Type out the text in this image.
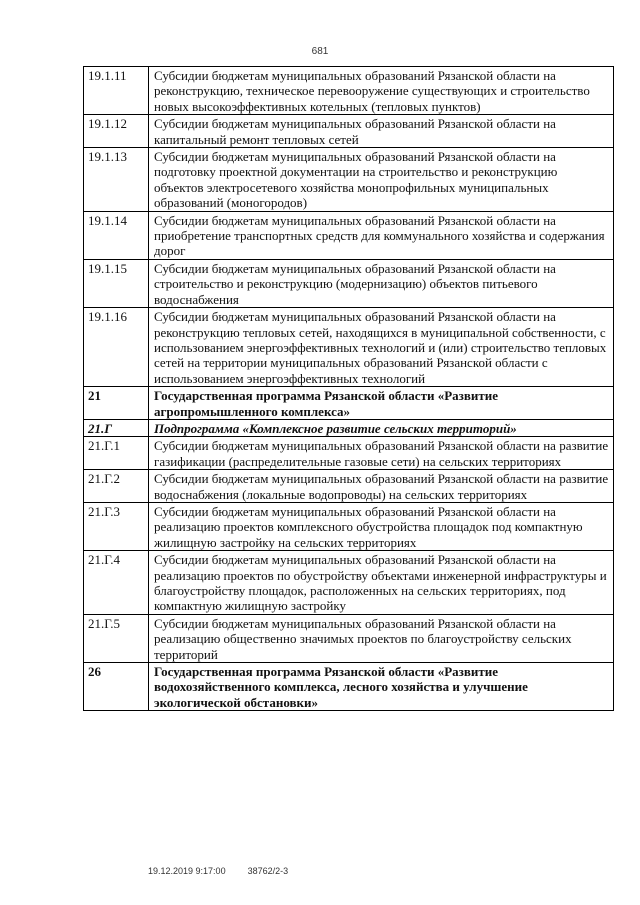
681
19.1.11	Субсидии бюджетам муниципальных образований Рязанской области на реконструкцию, техническое перевооружение существующих и строительство новых высокоэффективных котельных (тепловых пунктов)
19.1.12	Субсидии бюджетам муниципальных образований Рязанской области на капитальный ремонт тепловых сетей
19.1.13	Субсидии бюджетам муниципальных образований Рязанской области на подготовку проектной документации на строительство и реконструкцию объектов электросетевого хозяйства монопрофильных муниципальных образований (моногородов)
19.1.14	Субсидии бюджетам муниципальных образований Рязанской области на приобретение транспортных средств для коммунального хозяйства и содержания дорог
19.1.15	Субсидии бюджетам муниципальных образований Рязанской области на строительство и реконструкцию (модернизацию) объектов питьевого водоснабжения
19.1.16	Субсидии бюджетам муниципальных образований Рязанской области на реконструкцию тепловых сетей, находящихся в муниципальной собственности, с использованием энергоэффективных технологий и (или) строительство тепловых сетей на территории муниципальных образований Рязанской области с использованием энергоэффективных технологий
21	Государственная программа Рязанской области «Развитие агропромышленного комплекса»
21.Г	Подпрограмма «Комплексное развитие сельских территорий»
21.Г.1	Субсидии бюджетам муниципальных образований Рязанской области на развитие газификации (распределительные газовые сети) на сельских территориях
21.Г.2	Субсидии бюджетам муниципальных образований Рязанской области на развитие водоснабжения (локальные водопроводы) на сельских территориях
21.Г.3	Субсидии бюджетам муниципальных образований Рязанской области на реализацию проектов комплексного обустройства площадок под компактную жилищную застройку на сельских территориях
21.Г.4	Субсидии бюджетам муниципальных образований Рязанской области на реализацию проектов по обустройству объектами инженерной инфраструктуры и благоустройству площадок, расположенных на сельских территориях, под компактную жилищную застройку
21.Г.5	Субсидии бюджетам муниципальных образований Рязанской области на реализацию общественно значимых проектов по благоустройству сельских территорий
26	Государственная программа Рязанской области «Развитие водохозяйственного комплекса, лесного хозяйства и улучшение экологической обстановки»
19.12.2019 9:17:00 38762/2-3
